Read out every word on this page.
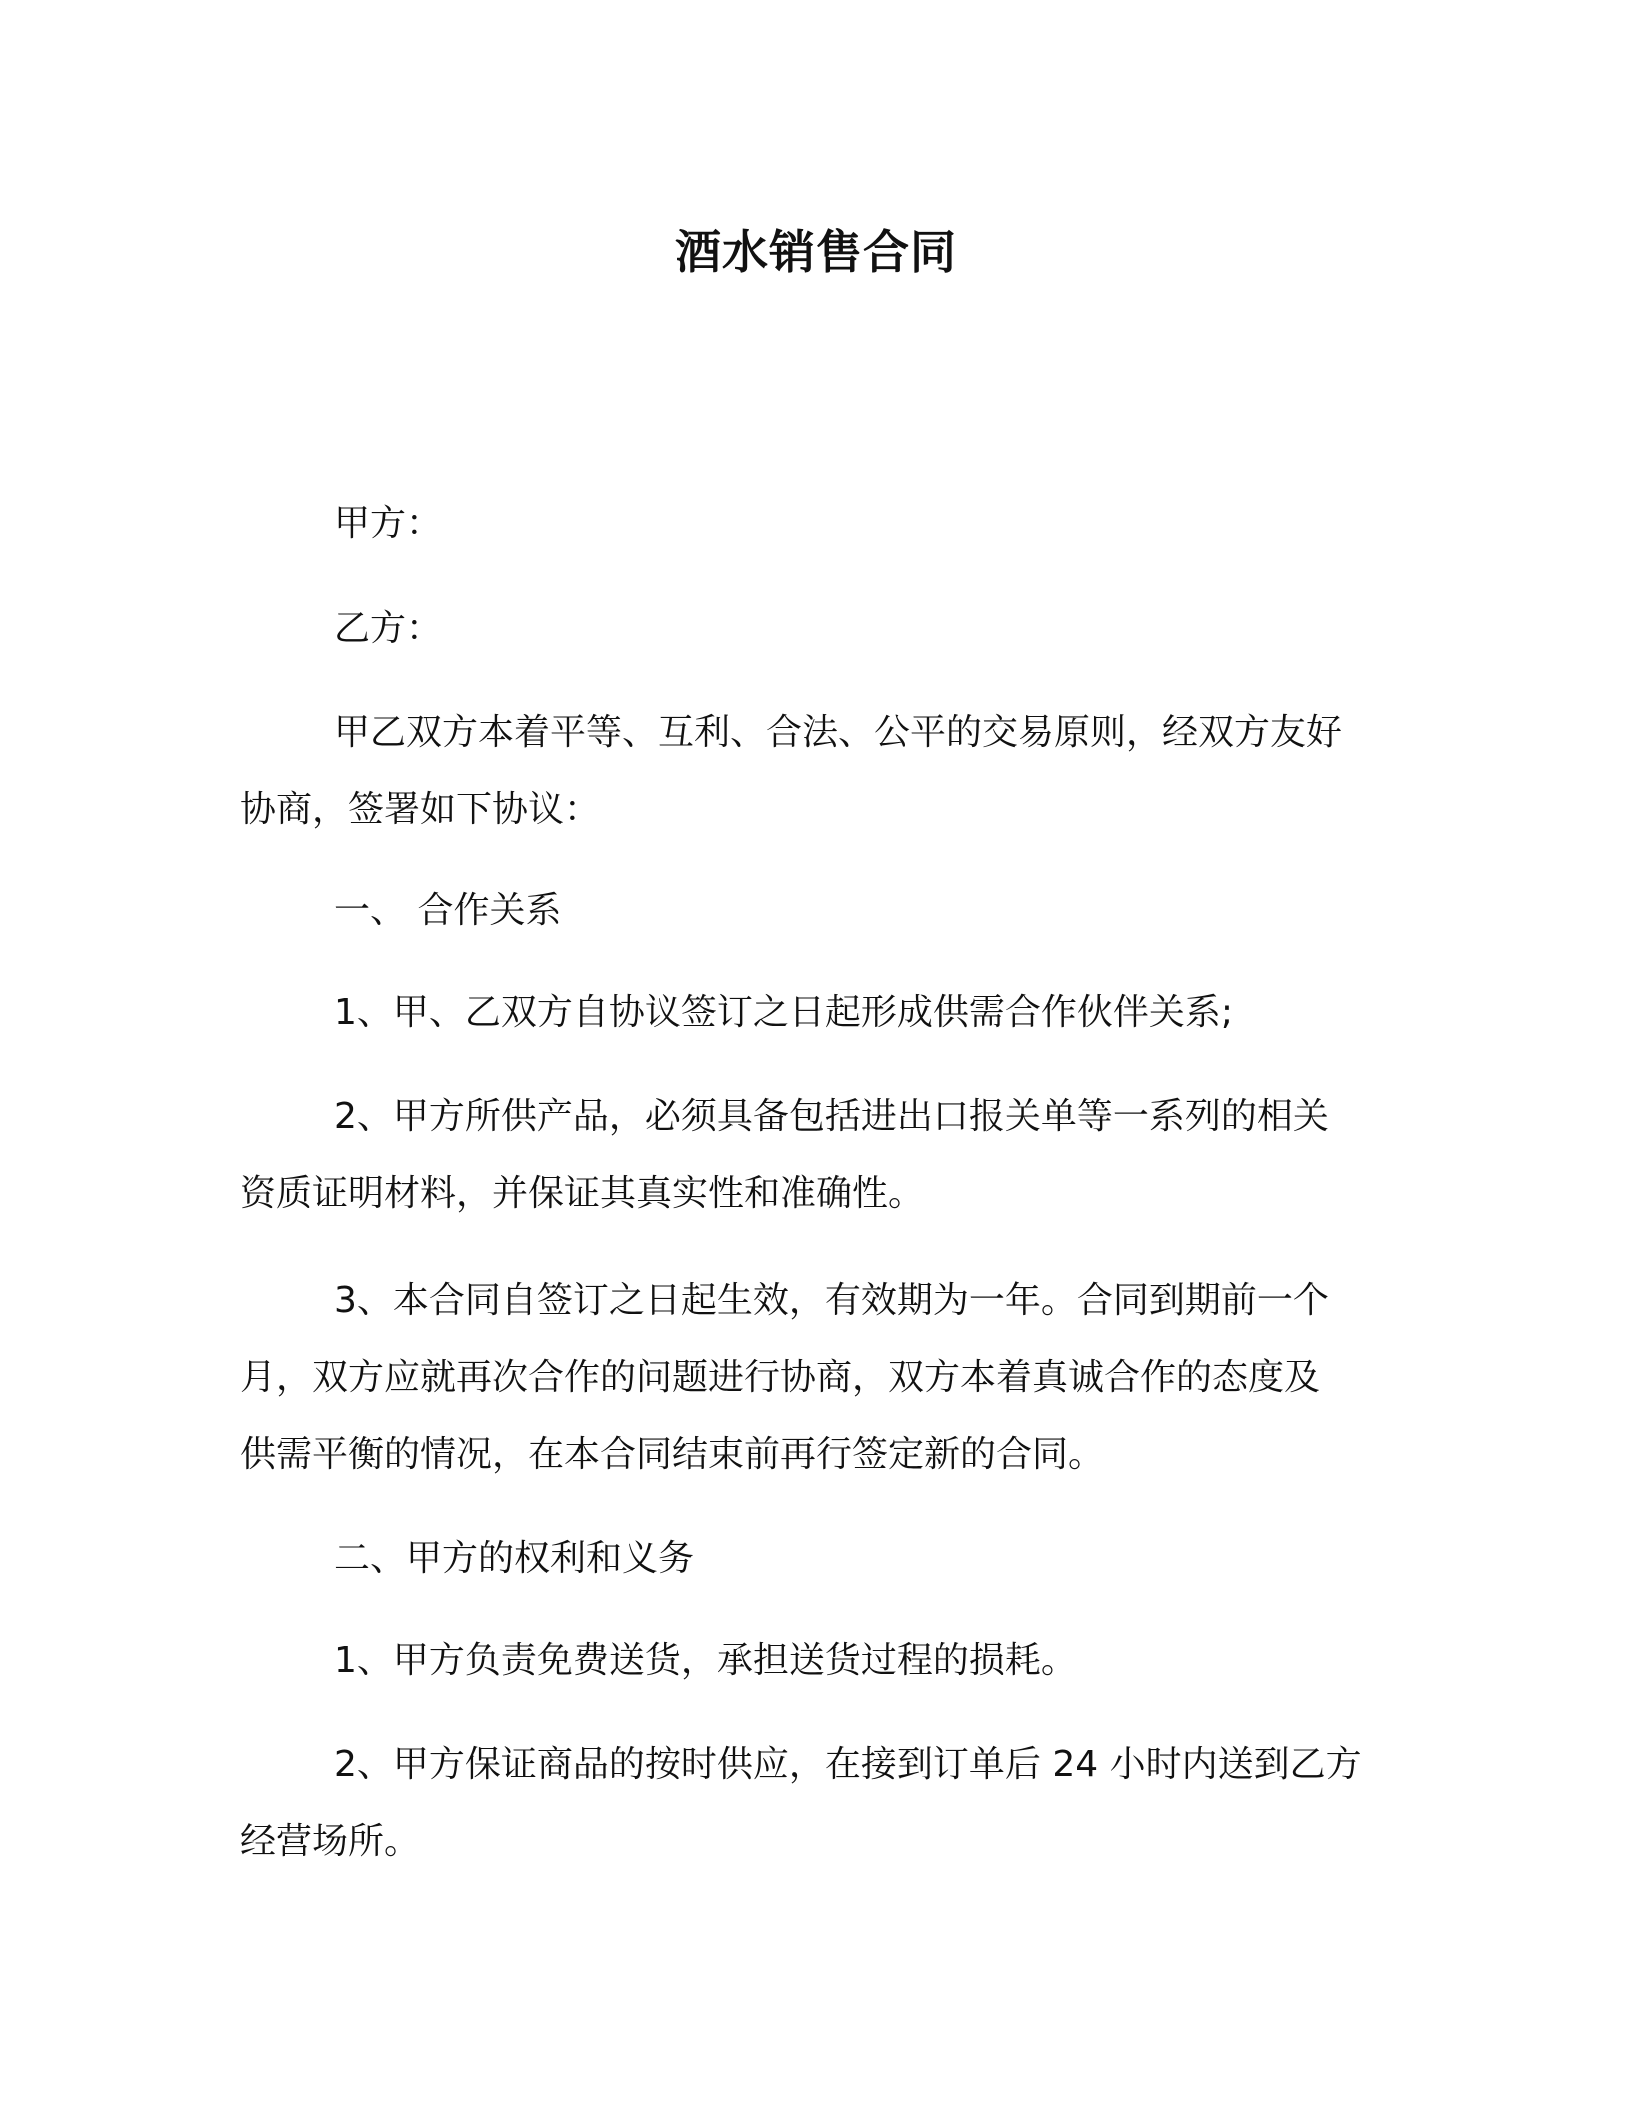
酒水销售合同
甲方：
乙方：
甲乙双方本着平等、互利、合法、公平的交易原则，经双方友好
协商，签署如下协议：
一、 合作关系
1、甲、乙双方自协议签订之日起形成供需合作伙伴关系;
2、甲方所供产品，必须具备包括进出口报关单等一系列的相关
资质证明材料，并保证其真实性和准确性。
3、本合同自签订之日起生效，有效期为一年。合同到期前一个
月，双方应就再次合作的问题进行协商，双方本着真诚合作的态度及
供需平衡的情况，在本合同结束前再行签定新的合同。
二、甲方的权利和义务
1、甲方负责免费送货，承担送货过程的损耗。
2、甲方保证商品的按时供应，在接到订单后 24 小时内送到乙方
经营场所。
